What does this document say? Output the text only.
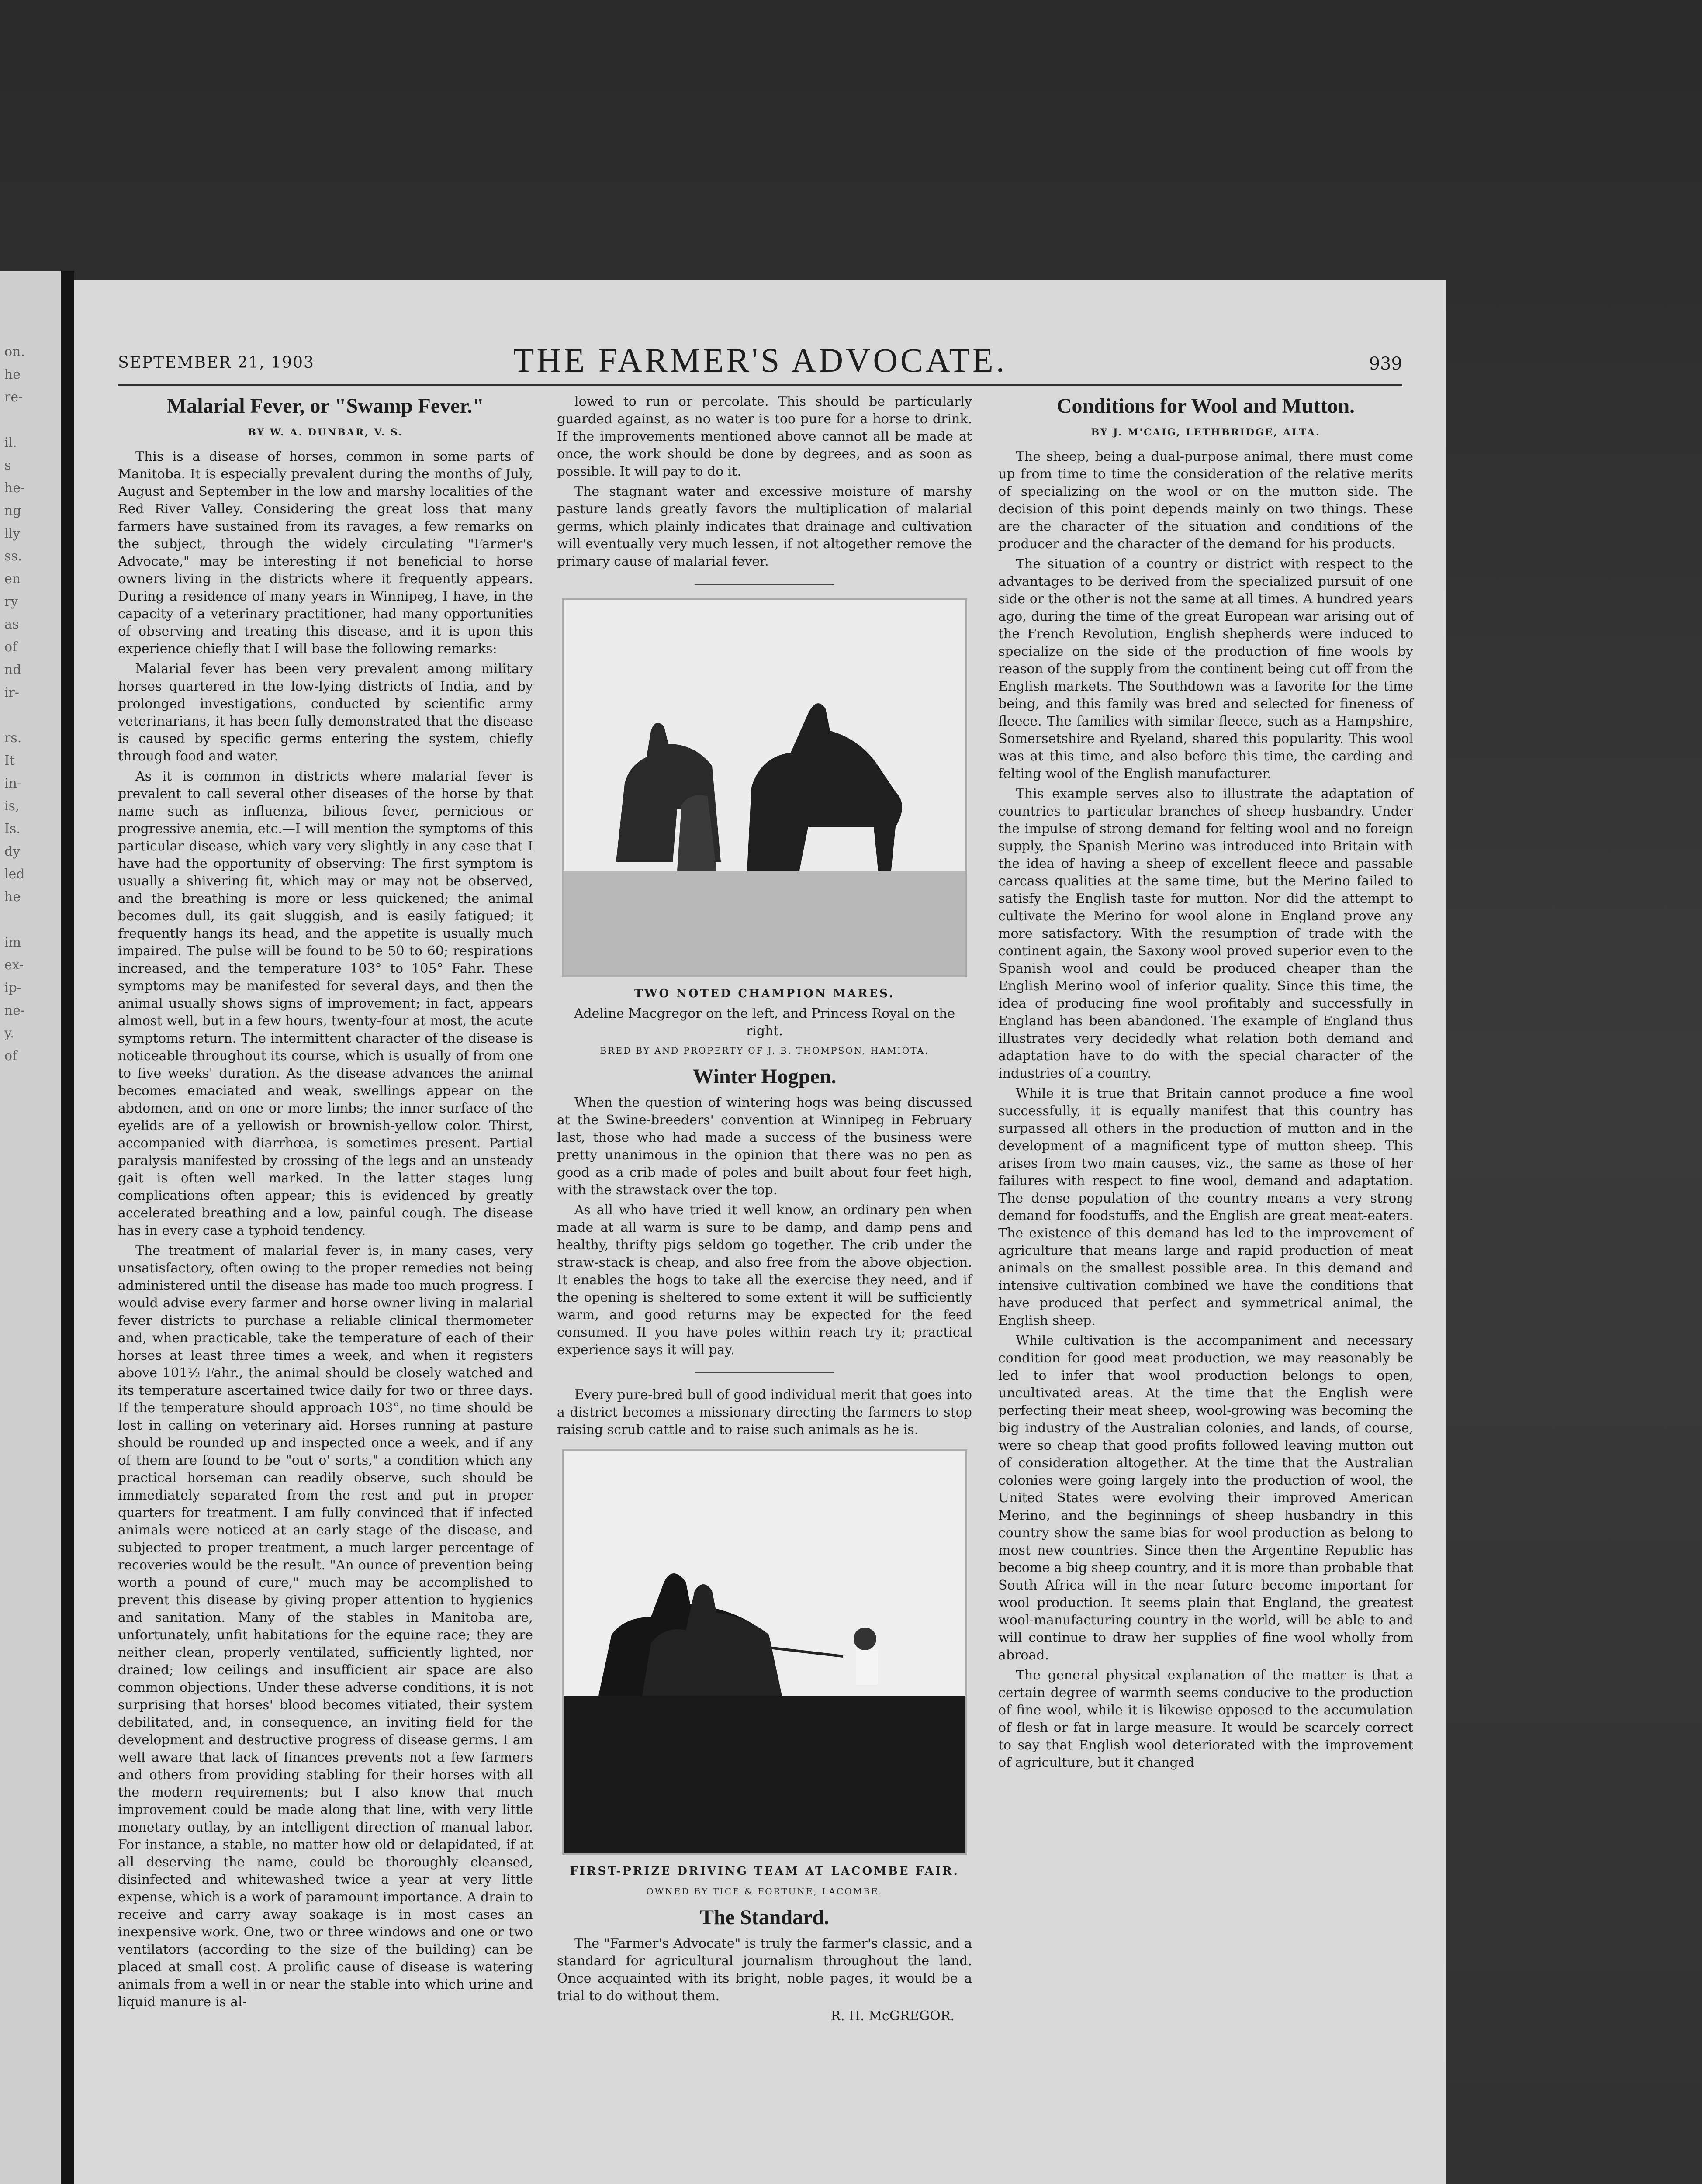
on.
he
re-

il.
s
he-
ng
lly
ss.
en
ry
as
of
nd
ir-

rs.
It
in-
is,
Is.
dy
led
he

im
ex-
ip-
ne-
y.
of
SEPTEMBER 21, 1903	THE FARMER'S ADVOCATE.	939
Malarial Fever, or "Swamp Fever."
BY W. A. DUNBAR, V. S.

This is a disease of horses, common in some parts of Manitoba. It is especially prevalent during the months of July, August and September in the low and marshy localities of the Red River Valley. Considering the great loss that many farmers have sustained from its ravages, a few remarks on the subject, through the widely circulating "Farmer's Advocate," may be interesting if not beneficial to horse owners living in the districts where it frequently appears. During a residence of many years in Winnipeg, I have, in the capacity of a veterinary practitioner, had many opportunities of observing and treating this disease, and it is upon this experience chiefly that I will base the following remarks:

Malarial fever has been very prevalent among military horses quartered in the low-lying districts of India, and by prolonged investigations, conducted by scientific army veterinarians, it has been fully demonstrated that the disease is caused by specific germs entering the system, chiefly through food and water.

As it is common in districts where malarial fever is prevalent to call several other diseases of the horse by that name—such as influenza, bilious fever, pernicious or progressive anemia, etc.—I will mention the symptoms of this particular disease, which vary very slightly in any case that I have had the opportunity of observing: The first symptom is usually a shivering fit, which may or may not be observed, and the breathing is more or less quickened; the animal becomes dull, its gait sluggish, and is easily fatigued; it frequently hangs its head, and the appetite is usually much impaired. The pulse will be found to be 50 to 60; respirations increased, and the temperature 103° to 105° Fahr. These symptoms may be manifested for several days, and then the animal usually shows signs of improvement; in fact, appears almost well, but in a few hours, twenty-four at most, the acute symptoms return. The intermittent character of the disease is noticeable throughout its course, which is usually of from one to five weeks' duration. As the disease advances the animal becomes emaciated and weak, swellings appear on the abdomen, and on one or more limbs; the inner surface of the eyelids are of a yellowish or brownish-yellow color. Thirst, accompanied with diarrhœa, is sometimes present. Partial paralysis manifested by crossing of the legs and an unsteady gait is often well marked. In the latter stages lung complications often appear; this is evidenced by greatly accelerated breathing and a low, painful cough. The disease has in every case a typhoid tendency.

The treatment of malarial fever is, in many cases, very unsatisfactory, often owing to the proper remedies not being administered until the disease has made too much progress. I would advise every farmer and horse owner living in malarial fever districts to purchase a reliable clinical thermometer and, when practicable, take the temperature of each of their horses at least three times a week, and when it registers above 101½ Fahr., the animal should be closely watched and its temperature ascertained twice daily for two or three days. If the temperature should approach 103°, no time should be lost in calling on veterinary aid. Horses running at pasture should be rounded up and inspected once a week, and if any of them are found to be "out o' sorts," a condition which any practical horseman can readily observe, such should be immediately separated from the rest and put in proper quarters for treatment. I am fully convinced that if infected animals were noticed at an early stage of the disease, and subjected to proper treatment, a much larger percentage of recoveries would be the result. "An ounce of prevention being worth a pound of cure," much may be accomplished to prevent this disease by giving proper attention to hygienics and sanitation. Many of the stables in Manitoba are, unfortunately, unfit habitations for the equine race; they are neither clean, properly ventilated, sufficiently lighted, nor drained; low ceilings and insufficient air space are also common objections. Under these adverse conditions, it is not surprising that horses' blood becomes vitiated, their system debilitated, and, in consequence, an inviting field for the development and destructive progress of disease germs. I am well aware that lack of finances prevents not a few farmers and others from providing stabling for their horses with all the modern requirements; but I also know that much improvement could be made along that line, with very little monetary outlay, by an intelligent direction of manual labor. For instance, a stable, no matter how old or delapidated, if at all deserving the name, could be thoroughly cleansed, disinfected and whitewashed twice a year at very little expense, which is a work of paramount importance. A drain to receive and carry away soakage is in most cases an inexpensive work. One, two or three windows and one or two ventilators (according to the size of the building) can be placed at small cost. A prolific cause of disease is watering animals from a well in or near the stable into which urine and liquid manure is al-

lowed to run or percolate. This should be particularly guarded against, as no water is too pure for a horse to drink. If the improvements mentioned above cannot all be made at once, the work should be done by degrees, and as soon as possible. It will pay to do it.

The stagnant water and excessive moisture of marshy pasture lands greatly favors the multiplication of malarial germs, which plainly indicates that drainage and cultivation will eventually very much lessen, if not altogether remove the primary cause of malarial fever.

TWO NOTED CHAMPION MARES.
Adeline Macgregor on the left, and Princess Royal on the right.
BRED BY AND PROPERTY OF J. B. THOMPSON, HAMIOTA.
Winter Hogpen.

When the question of wintering hogs was being discussed at the Swine-breeders' convention at Winnipeg in February last, those who had made a success of the business were pretty unanimous in the opinion that there was no pen as good as a crib made of poles and built about four feet high, with the strawstack over the top.

As all who have tried it well know, an ordinary pen when made at all warm is sure to be damp, and damp pens and healthy, thrifty pigs seldom go together. The crib under the straw-stack is cheap, and also free from the above objection. It enables the hogs to take all the exercise they need, and if the opening is sheltered to some extent it will be sufficiently warm, and good returns may be expected for the feed consumed. If you have poles within reach try it; practical experience says it will pay.

Every pure-bred bull of good individual merit that goes into a district becomes a missionary directing the farmers to stop raising scrub cattle and to raise such animals as he is.

FIRST-PRIZE DRIVING TEAM AT LACOMBE FAIR.
OWNED BY TICE & FORTUNE, LACOMBE.
The Standard.

The "Farmer's Advocate" is truly the farmer's classic, and a standard for agricultural journalism throughout the land. Once acquainted with its bright, noble pages, it would be a trial to do without them.

R. H. McGREGOR.
Conditions for Wool and Mutton.
BY J. M'CAIG, LETHBRIDGE, ALTA.

The sheep, being a dual-purpose animal, there must come up from time to time the consideration of the relative merits of specializing on the wool or on the mutton side. The decision of this point depends mainly on two things. These are the character of the situation and conditions of the producer and the character of the demand for his products.

The situation of a country or district with respect to the advantages to be derived from the specialized pursuit of one side or the other is not the same at all times. A hundred years ago, during the time of the great European war arising out of the French Revolution, English shepherds were induced to specialize on the side of the production of fine wools by reason of the supply from the continent being cut off from the English markets. The Southdown was a favorite for the time being, and this family was bred and selected for fineness of fleece. The families with similar fleece, such as a Hampshire, Somersetshire and Ryeland, shared this popularity. This wool was at this time, and also before this time, the carding and felting wool of the English manufacturer.

This example serves also to illustrate the adaptation of countries to particular branches of sheep husbandry. Under the impulse of strong demand for felting wool and no foreign supply, the Spanish Merino was introduced into Britain with the idea of having a sheep of excellent fleece and passable carcass qualities at the same time, but the Merino failed to satisfy the English taste for mutton. Nor did the attempt to cultivate the Merino for wool alone in England prove any more satisfactory. With the resumption of trade with the continent again, the Saxony wool proved superior even to the Spanish wool and could be produced cheaper than the English Merino wool of inferior quality. Since this time, the idea of producing fine wool profitably and successfully in England has been abandoned. The example of England thus illustrates very decidedly what relation both demand and adaptation have to do with the special character of the industries of a country.

While it is true that Britain cannot produce a fine wool successfully, it is equally manifest that this country has surpassed all others in the production of mutton and in the development of a magnificent type of mutton sheep. This arises from two main causes, viz., the same as those of her failures with respect to fine wool, demand and adaptation. The dense population of the country means a very strong demand for foodstuffs, and the English are great meat-eaters. The existence of this demand has led to the improvement of agriculture that means large and rapid production of meat animals on the smallest possible area. In this demand and intensive cultivation combined we have the conditions that have produced that perfect and symmetrical animal, the English sheep.

While cultivation is the accompaniment and necessary condition for good meat production, we may reasonably be led to infer that wool production belongs to open, uncultivated areas. At the time that the English were perfecting their meat sheep, wool-growing was becoming the big industry of the Australian colonies, and lands, of course, were so cheap that good profits followed leaving mutton out of consideration altogether. At the time that the Australian colonies were going largely into the production of wool, the United States were evolving their improved American Merino, and the beginnings of sheep husbandry in this country show the same bias for wool production as belong to most new countries. Since then the Argentine Republic has become a big sheep country, and it is more than probable that South Africa will in the near future become important for wool production. It seems plain that England, the greatest wool-manufacturing country in the world, will be able to and will continue to draw her supplies of fine wool wholly from abroad.

The general physical explanation of the matter is that a certain degree of warmth seems conducive to the production of fine wool, while it is likewise opposed to the accumulation of flesh or fat in large measure. It would be scarcely correct to say that English wool deteriorated with the improvement of agriculture, but it changed
